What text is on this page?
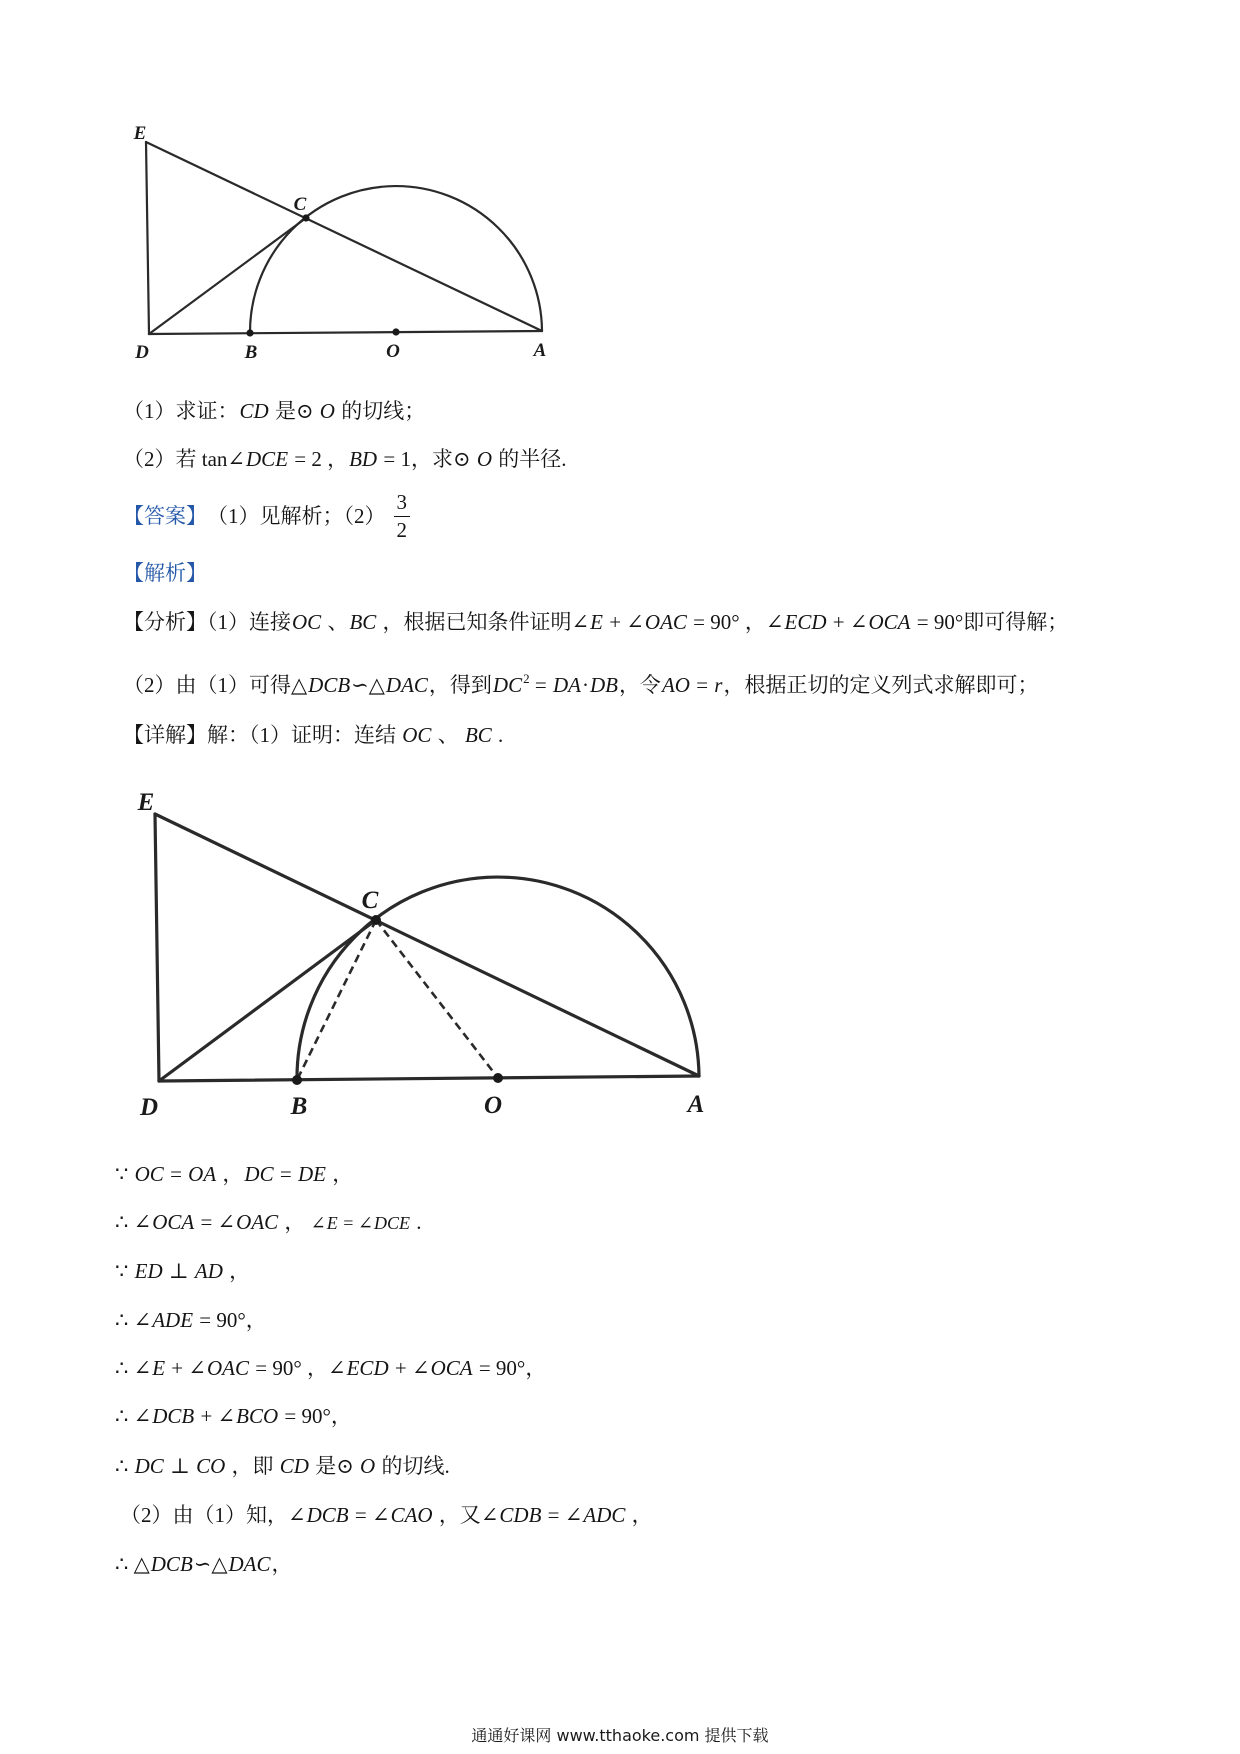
E
C
D	B	O	A
（1）求证：CD 是⊙ O 的切线；
（2）若 tan∠DCE = 2 ，BD = 1，求⊙ O 的半径.
【答案】 （1）见解析；$(2) \frac{3}{2}$
【解析】
【分析】（1）连接OC 、BC ，根据已知条件证明∠E + ∠OAC = 90° ，∠ECD + ∠OCA = 90°即可得解；
（2）由（1）可得△DCB∽△DAC，得到$DC^2 = DA\cdot DB$，令AO = r，根据正切的定义列式求解即可；
【详解】解：（1）证明：连结 OC 、 BC .
E
C
D	B	O	A
∵ OC = OA ，DC = DE ，
∴ ∠OCA = ∠OAC ， ∠E = ∠DCE .
∵ ED ⊥ AD ，
∴ ∠ADE = 90°，
∴ ∠E + ∠OAC = 90° ，∠ECD + ∠OCA = 90°，
∴ ∠DCB + ∠BCO = 90°，
∴ DC ⊥ CO ，即 CD 是⊙ O 的切线.
（2）由（1）知，∠DCB = ∠CAO ，又∠CDB = ∠ADC ，
∴ △DCB∽△DAC，
通通好课网 www.tthaoke.com 提供下载
